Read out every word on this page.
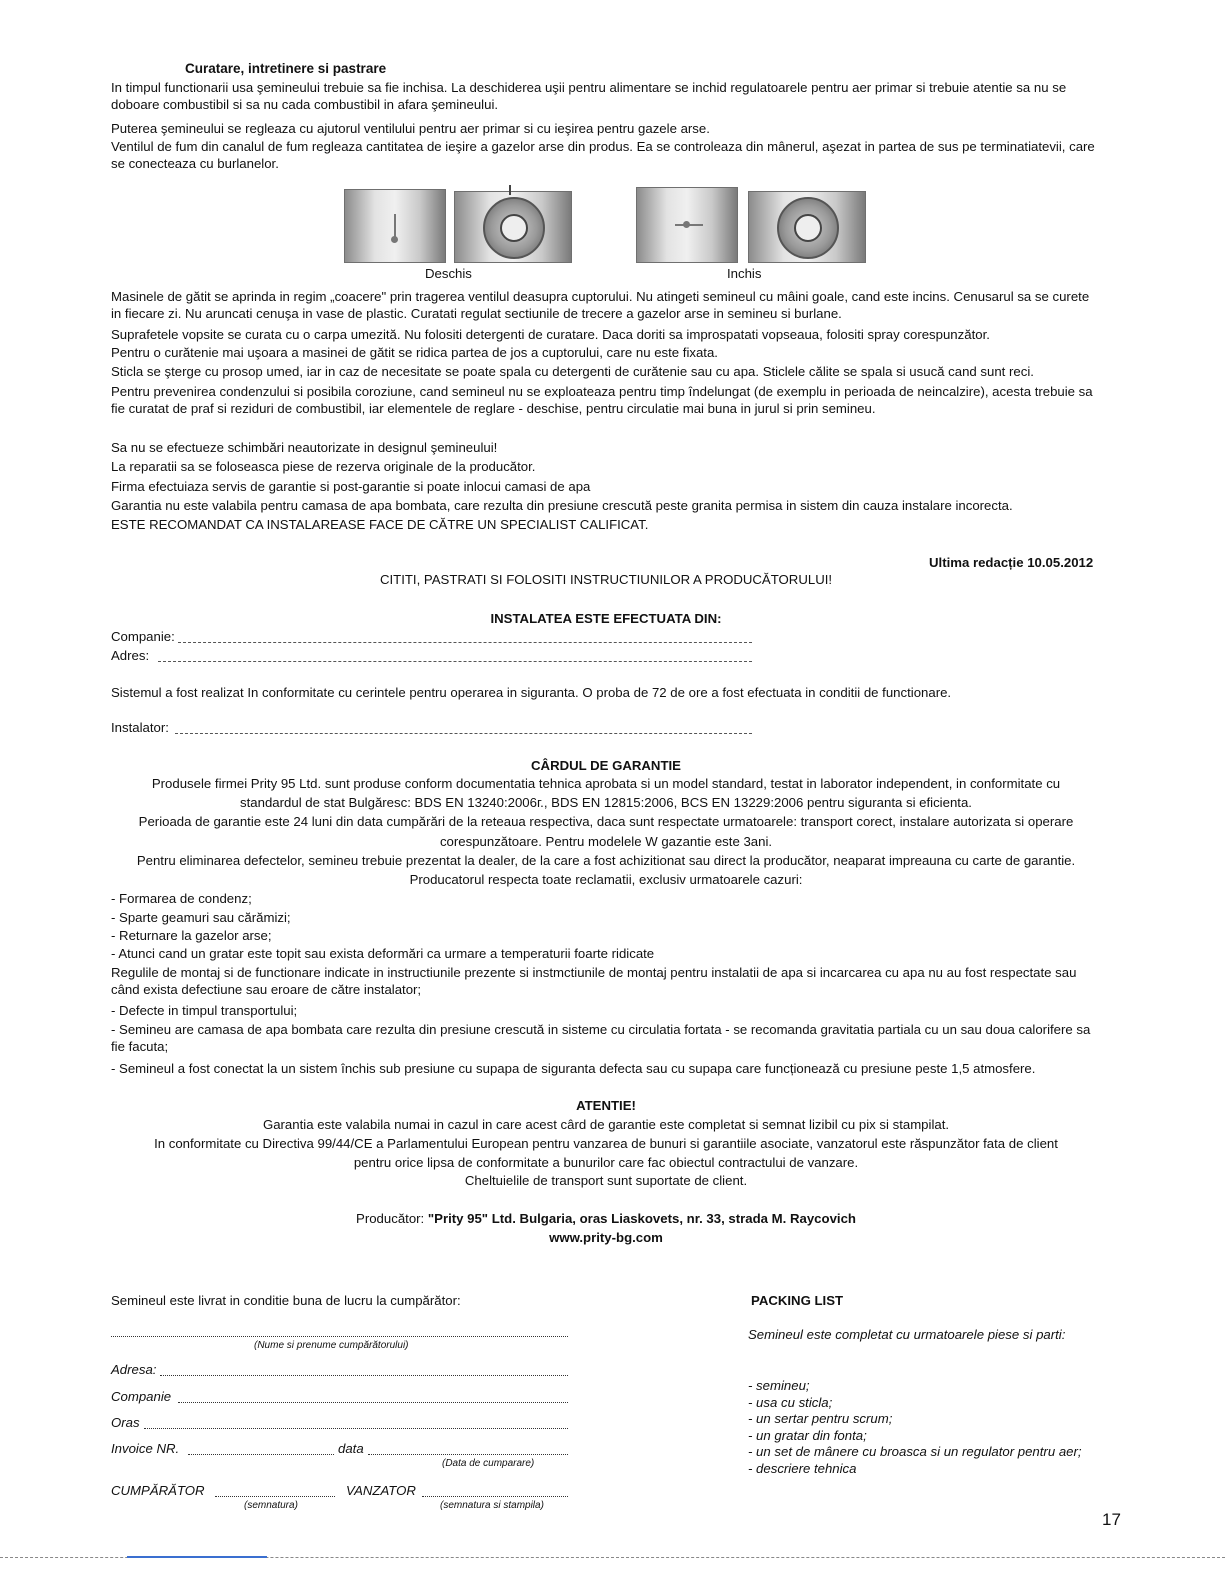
Curatare, intretinere si pastrare

In timpul functionarii usa şemineului trebuie sa fie inchisa. La deschiderea uşii pentru alimentare se inchid regulatoarele pentru aer primar si trebuie atentie sa nu se doboare combustibil si sa nu cada combustibil in afara şemineului.

Puterea şemineului se regleaza cu ajutorul ventilului pentru aer primar si cu ieşirea pentru gazele arse.

Ventilul de fum din canalul de fum regleaza cantitatea de ieşire a gazelor arse din produs. Ea se controleaza din mânerul, aşezat in partea de sus pe terminatiatevii, care se conecteaza cu burlanelor.

Deschis	Inchis

Masinele de gătit se aprinda in regim „coacere" prin tragerea ventilul deasupra cuptorului. Nu atingeti semineul cu mâini goale, cand este incins. Cenusarul sa se curete in fiecare zi. Nu aruncati cenuşa in vase de plastic. Curatati regulat sectiunile de trecere a gazelor arse in semineu si burlane.

Suprafetele vopsite se curata cu o carpa umezită. Nu folositi detergenti de curatare. Daca doriti sa improspatati vopseaua, folositi spray corespunzător.

Pentru o curătenie mai uşoara a masinei de gătit se ridica partea de jos a cuptorului, care nu este fixata.

Sticla se şterge cu prosop umed, iar in caz de necesitate se poate spala cu detergenti de curătenie sau cu apa. Sticlele călite se spala si usucă cand sunt reci.

Pentru prevenirea condenzului si posibila coroziune, cand semineul nu se exploateaza pentru timp îndelungat (de exemplu in perioada de neincalzire), acesta trebuie sa fie curatat de praf si reziduri de combustibil, iar elementele de reglare - deschise, pentru circulatie mai buna in jurul si prin semineu.

Sa nu se efectueze schimbări neautorizate in designul şemineului!

La reparatii sa se foloseasca piese de rezerva originale de la producător.

Firma efectuiaza servis de garantie si post-garantie si poate inlocui camasi de apa

Garantia nu este valabila pentru camasa de apa bombata, care rezulta din presiune crescută peste granita permisa in sistem din cauza instalare incorecta.

ESTE RECOMANDAT CA INSTALAREASE FACE DE CĂTRE UN SPECIALIST CALIFICAT.

Ultima redacție 10.05.2012
CITITI, PASTRATI SI FOLOSITI INSTRUCTIUNILOR A PRODUCĂTORULUI!
INSTALATEA ESTE EFECTUATA DIN:
Companie:
Adres:

Sistemul a fost realizat In conformitate cu cerintele pentru operarea in siguranta. O proba de 72 de ore a fost efectuata in conditii de functionare.

Instalator:
CÂRDUL DE GARANTIE
Produsele firmei Prity 95 Ltd. sunt produse conform documentatia tehnica aprobata si un model standard, testat in laborator independent, in conformitate cu
standardul de stat Bulgăresc: BDS EN 13240:2006г., BDS EN 12815:2006, BCS EN 13229:2006 pentru siguranta si eficienta.
Perioada de garantie este 24 luni din data cumpărări de la reteaua respectiva, daca sunt respectate urmatoarele: transport corect, instalare autorizata si operare
corespunzătoare. Pentru modelele W gazantie este 3ani.
Pentru eliminarea defectelor, semineu trebuie prezentat la dealer, de la care a fost achizitionat sau direct la producător, neaparat impreauna cu carte de garantie.
Producatorul respecta toate reclamatii, exclusiv urmatoarele cazuri:
- Formarea de condenz;
- Sparte geamuri sau cărămizi;
- Returnare la gazelor arse;
- Atunci cand un gratar este topit sau exista deformări ca urmare a temperaturii foarte ridicate

Regulile de montaj si de functionare indicate in instructiunile prezente si instmctiunile de montaj pentru instalatii de apa si incarcarea cu apa nu au fost respectate sau când exista defectiune sau eroare de către instalator;

- Defecte in timpul transportului;

- Semineu are camasa de apa bombata care rezulta din presiune crescută in sisteme cu circulatia fortata - se recomanda gravitatia partiala cu un sau doua calorifere sa fie facuta;

- Semineul a fost conectat la un sistem închis sub presiune cu supapa de siguranta defecta sau cu supapa care funcționează cu presiune peste 1,5 atmosfere.

ATENTIE!
Garantia este valabila numai in cazul in care acest cârd de garantie este completat si semnat lizibil cu pix si stampilat.
In conformitate cu Directiva 99/44/CE a Parlamentului European pentru vanzarea de bunuri si garantiile asociate, vanzatorul este răspunzător fata de client
pentru orice lipsa de conformitate a bunurilor care fac obiectul contractului de vanzare.
Cheltuielile de transport sunt suportate de client.
Producător: "Prity 95" Ltd. Bulgaria, oras Liaskovets, nr. 33, strada M. Raycovich
www.prity-bg.com
Semineul este livrat in conditie buna de lucru la cumpărător:
(Nume si prenume cumpărătorului)
Adresa:
Companie
Oras
Invoice NR.	data
(Data de cumparare)
CUMPĂRĂTOR
(semnatura)
VANZATOR
(semnatura si stampila)
PACKING LIST
Semineul este completat cu urmatoarele piese si parti:
- semineu;
- usa cu sticla;
- un sertar pentru scrum;
- un gratar din fonta;
- un set de mânere cu broasca si un regulator pentru aer;
- descriere tehnica
17
